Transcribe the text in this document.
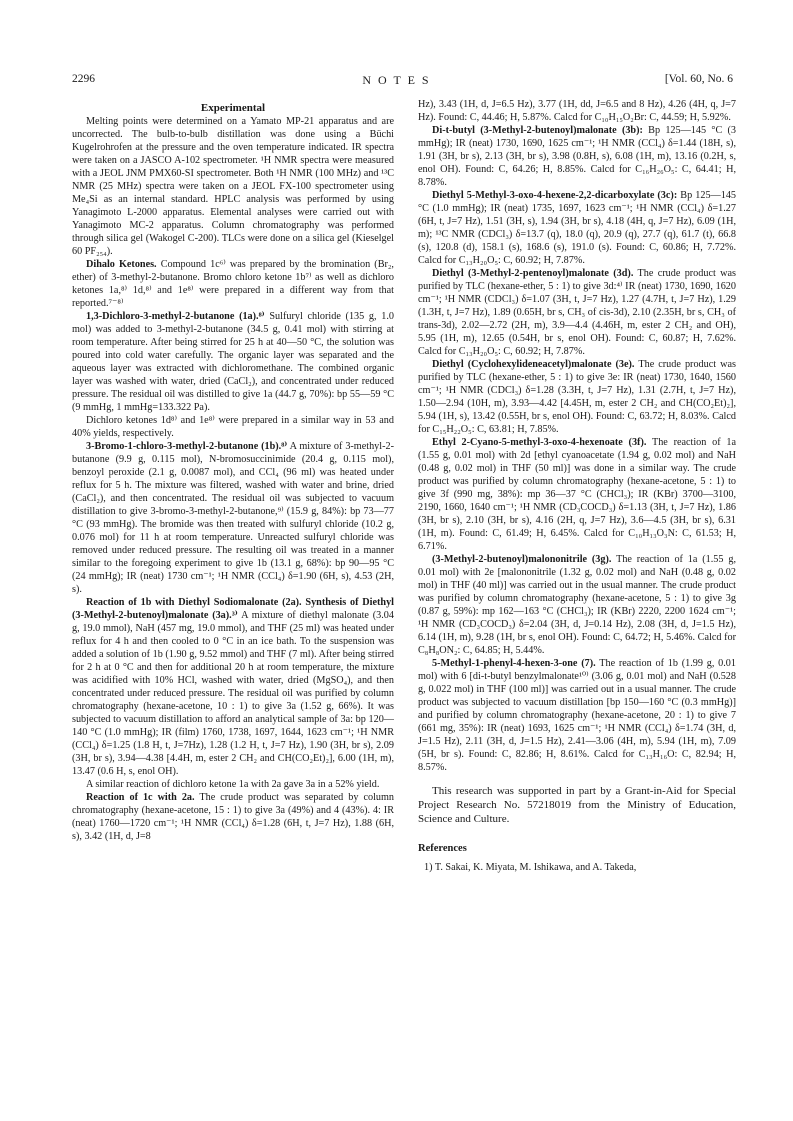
2296	N O T E S	[Vol. 60, No. 6

Experimental

Melting points were determined on a Yamato MP-21 apparatus and are uncorrected. The bulb-to-bulb distillation was done using a Büchi Kugelrohrofen at the pressure and the oven temperature indicated. IR spectra were taken on a JASCO A-102 spectrometer. ¹H NMR spectra were measured with a JEOL JNM PMX60-SI spectrometer. Both ¹H NMR (100 MHz) and ¹³C NMR (25 MHz) spectra were taken on a JEOL FX-100 spectrometer using Me₄Si as an internal standard. HPLC analysis was performed by using Yanagimoto L-2000 apparatus. Elemental analyses were carried out with Yanagimoto MC-2 apparatus. Column chromatography was performed through silica gel (Wakogel C-200). TLCs were done on a silica gel (Kieselgel 60 PF₂₅₄).

Dihalo Ketones. Compound 1c⁶⁾ was prepared by the bromination (Br₂, ether) of 3-methyl-2-butanone. Bromo chloro ketone 1b⁷⁾ as well as dichloro ketones 1a,⁸⁾ 1d,⁸⁾ and 1e⁸⁾ were prepared in a different way from that reported.⁷⁻⁸⁾

1,3-Dichloro-3-methyl-2-butanone (1a).⁸⁾ Sulfuryl chloride (135 g, 1.0 mol) was added to 3-methyl-2-butanone (34.5 g, 0.41 mol) with stirring at room temperature. After being stirred for 25 h at 40—50 °C, the solution was poured into cold water carefully. The organic layer was separated and the aqueous layer was extracted with dichloromethane. The combined organic layer was washed with water, dried (CaCl₂), and concentrated under reduced pressure. The residual oil was distilled to give 1a (44.7 g, 70%): bp 55—59 °C (9 mmHg, 1 mmHg=133.322 Pa).

Dichloro ketones 1d⁸⁾ and 1e⁸⁾ were prepared in a similar way in 53 and 40% yields, respectively.

3-Bromo-1-chloro-3-methyl-2-butanone (1b).⁸⁾ A mixture of 3-methyl-2-butanone (9.9 g, 0.115 mol), N-bromosuccinimide (20.4 g, 0.115 mol), benzoyl peroxide (2.1 g, 0.0087 mol), and CCl₄ (96 ml) was heated under reflux for 5 h. The mixture was filtered, washed with water and brine, dried (CaCl₂), and then concentrated. The residual oil was subjected to vacuum distillation to give 3-bromo-3-methyl-2-butanone,⁹⁾ (15.9 g, 84%): bp 73—77 °C (93 mmHg). The bromide was then treated with sulfuryl chloride (10.2 g, 0.076 mol) for 11 h at room temperature. Unreacted sulfuryl chloride was removed under reduced pressure. The resulting oil was treated in a manner similar to the foregoing experiment to give 1b (13.1 g, 68%): bp 90—95 °C (24 mmHg); IR (neat) 1730 cm⁻¹; ¹H NMR (CCl₄) δ=1.90 (6H, s), 4.53 (2H, s).

Reaction of 1b with Diethyl Sodiomalonate (2a). Synthesis of Diethyl (3-Methyl-2-butenoyl)malonate (3a).³⁾ A mixture of diethyl malonate (3.04 g, 19.0 mmol), NaH (457 mg, 19.0 mmol), and THF (25 ml) was heated under reflux for 4 h and then cooled to 0 °C in an ice bath. To the suspension was added a solution of 1b (1.90 g, 9.52 mmol) and THF (7 ml). After being stirred for 2 h at 0 °C and then for additional 20 h at room temperature, the mixture was acidified with 10% HCl, washed with water, dried (MgSO₄), and then concentrated under reduced pressure. The residual oil was purified by column chromatography (hexane-acetone, 10 : 1) to give 3a (1.52 g, 66%). It was subjected to vacuum distillation to afford an analytical sample of 3a: bp 120—140 °C (1.0 mmHg); IR (film) 1760, 1738, 1697, 1644, 1623 cm⁻¹; ¹H NMR (CCl₄) δ=1.25 (1.8 H, t, J=7Hz), 1.28 (1.2 H, t, J=7 Hz), 1.90 (3H, br s), 2.09 (3H, br s), 3.94—4.38 [4.4H, m, ester 2 CH₂ and CH(CO₂Et)₂], 6.00 (1H, m), 13.47 (0.6 H, s, enol OH).

A similar reaction of dichloro ketone 1a with 2a gave 3a in a 52% yield.

Reaction of 1c with 2a. The crude product was separated by column chromatography (hexane-acetone, 15 : 1) to give 3a (49%) and 4 (43%). 4: IR (neat) 1760—1720 cm⁻¹; ¹H NMR (CCl₄) δ=1.28 (6H, t, J=7 Hz), 1.88 (6H, s), 3.42 (1H, d, J=8

Hz), 3.43 (1H, d, J=6.5 Hz), 3.77 (1H, dd, J=6.5 and 8 Hz), 4.26 (4H, q, J=7 Hz). Found: C, 44.46; H, 5.87%. Calcd for C₁₀H₁₅O₂Br: C, 44.59; H, 5.92%.

Di-t-butyl (3-Methyl-2-butenoyl)malonate (3b): Bp 125—145 °C (3 mmHg); IR (neat) 1730, 1690, 1625 cm⁻¹; ¹H NMR (CCl₄) δ=1.44 (18H, s), 1.91 (3H, br s), 2.13 (3H, br s), 3.98 (0.8H, s), 6.08 (1H, m), 13.16 (0.2H, s, enol OH). Found: C, 64.26; H, 8.85%. Calcd for C₁₆H₂₆O₅: C, 64.41; H, 8.78%.

Diethyl 5-Methyl-3-oxo-4-hexene-2,2-dicarboxylate (3c): Bp 125—145 °C (1.0 mmHg); IR (neat) 1735, 1697, 1623 cm⁻¹; ¹H NMR (CCl₄) δ=1.27 (6H, t, J=7 Hz), 1.51 (3H, s), 1.94 (3H, br s), 4.18 (4H, q, J=7 Hz), 6.09 (1H, m); ¹³C NMR (CDCl₃) δ=13.7 (q), 18.0 (q), 20.9 (q), 27.7 (q), 61.7 (t), 66.8 (s), 120.8 (d), 158.1 (s), 168.6 (s), 191.0 (s). Found: C, 60.86; H, 7.72%. Calcd for C₁₃H₂₀O₅: C, 60.92; H, 7.87%.

Diethyl (3-Methyl-2-pentenoyl)malonate (3d). The crude product was purified by TLC (hexane-ether, 5 : 1) to give 3d:⁴⁾ IR (neat) 1730, 1690, 1620 cm⁻¹; ¹H NMR (CDCl₃) δ=1.07 (3H, t, J=7 Hz), 1.27 (4.7H, t, J=7 Hz), 1.29 (1.3H, t, J=7 Hz), 1.89 (0.65H, br s, CH₃ of cis-3d), 2.10 (2.35H, br s, CH₃ of trans-3d), 2.02—2.72 (2H, m), 3.9—4.4 (4.46H, m, ester 2 CH₂ and OH), 5.95 (1H, m), 12.65 (0.54H, br s, enol OH). Found: C, 60.87; H, 7.62%. Calcd for C₁₃H₂₀O₅: C, 60.92; H, 7.87%.

Diethyl (Cyclohexylideneacetyl)malonate (3e). The crude product was purified by TLC (hexane-ether, 5 : 1) to give 3e: IR (neat) 1730, 1640, 1560 cm⁻¹; ¹H NMR (CDCl₃) δ=1.28 (3.3H, t, J=7 Hz), 1.31 (2.7H, t, J=7 Hz), 1.50—2.94 (10H, m), 3.93—4.42 [4.45H, m, ester 2 CH₂ and CH(CO₂Et)₂], 5.94 (1H, s), 13.42 (0.55H, br s, enol OH). Found: C, 63.72; H, 8.03%. Calcd for C₁₅H₂₂O₅: C, 63.81; H, 7.85%.

Ethyl 2-Cyano-5-methyl-3-oxo-4-hexenoate (3f). The reaction of 1a (1.55 g, 0.01 mol) with 2d [ethyl cyanoacetate (1.94 g, 0.02 mol) and NaH (0.48 g, 0.02 mol) in THF (50 ml)] was done in a similar way. The crude product was purified by column chromatography (hexane-acetone, 5 : 1) to give 3f (990 mg, 38%): mp 36—37 °C (CHCl₃); IR (KBr) 3700—3100, 2190, 1660, 1640 cm⁻¹; ¹H NMR (CD₃COCD₃) δ=1.13 (3H, t, J=7 Hz), 1.86 (3H, br s), 2.10 (3H, br s), 4.16 (2H, q, J=7 Hz), 3.6—4.5 (3H, br s), 6.31 (1H, m). Found: C, 61.49; H, 6.45%. Calcd for C₁₀H₁₃O₃N: C, 61.53; H, 6.71%.

(3-Methyl-2-butenoyl)malononitrile (3g). The reaction of 1a (1.55 g, 0.01 mol) with 2e [malononitrile (1.32 g, 0.02 mol) and NaH (0.48 g, 0.02 mol) in THF (40 ml)] was carried out in the usual manner. The crude product was purified by column chromatography (hexane-acetone, 5 : 1) to give 3g (0.87 g, 59%): mp 162—163 °C (CHCl₃); IR (KBr) 2220, 2200 1624 cm⁻¹; ¹H NMR (CD₃COCD₃) δ=2.04 (3H, d, J=0.14 Hz), 2.08 (3H, d, J=1.5 Hz), 6.14 (1H, m), 9.28 (1H, br s, enol OH). Found: C, 64.72; H, 5.46%. Calcd for C₈H₈ON₂: C, 64.85; H, 5.44%.

5-Methyl-1-phenyl-4-hexen-3-one (7). The reaction of 1b (1.99 g, 0.01 mol) with 6 [di-t-butyl benzylmalonate¹⁰⁾ (3.06 g, 0.01 mol) and NaH (0.528 g, 0.022 mol) in THF (100 ml)] was carried out in a usual manner. The crude product was subjected to vacuum distillation [bp 150—160 °C (0.3 mmHg)] and purified by column chromatography (hexane-acetone, 20 : 1) to give 7 (661 mg, 35%): IR (neat) 1693, 1625 cm⁻¹; ¹H NMR (CCl₄) δ=1.74 (3H, d, J=1.5 Hz), 2.11 (3H, d, J=1.5 Hz), 2.41—3.06 (4H, m), 5.94 (1H, m), 7.09 (5H, br s). Found: C, 82.86; H, 8.61%. Calcd for C₁₃H₁₆O: C, 82.94; H, 8.57%.

This research was supported in part by a Grant-in-Aid for Special Project Research No. 57218019 from the Ministry of Education, Science and Culture.

References

1) T. Sakai, K. Miyata, M. Ishikawa, and A. Takeda,
